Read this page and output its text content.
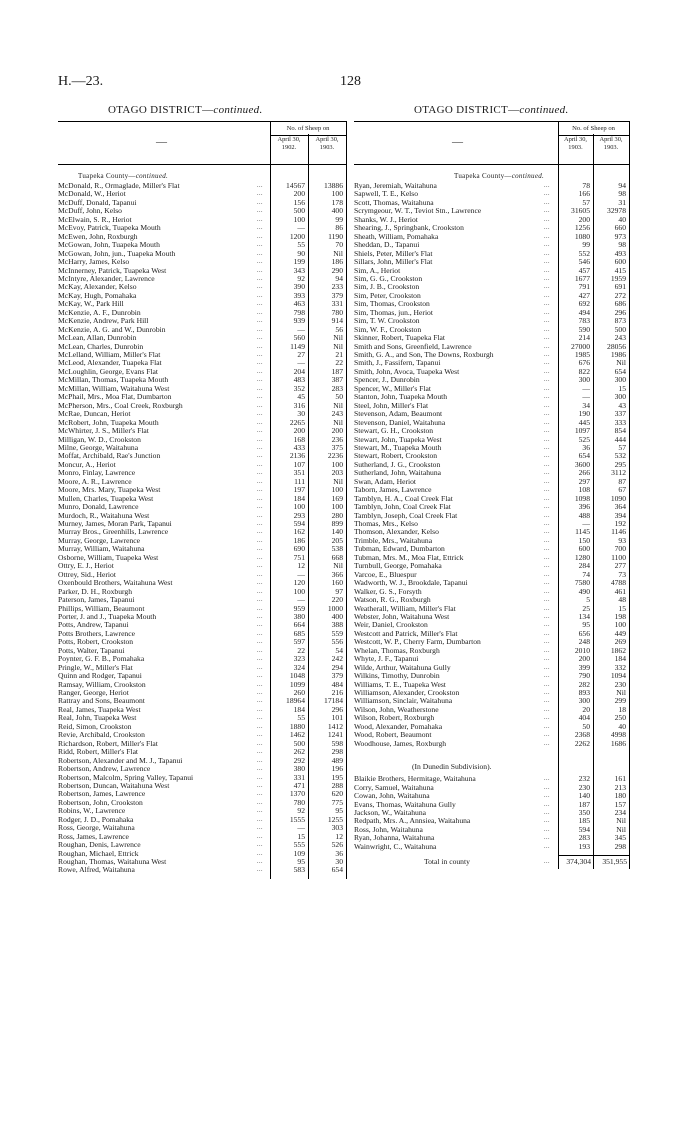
H.—23.	128
OTAGO DISTRICT—continued.
—
No. of Sheep on
April 30,
1902.
April 30,
1903.
Tuapeka County—continued.
McDonald, R., Ormaglade, Miller's Flat	...	14567	13886
McDonald, W., Heriot	...	200	100
McDuff, Donald, Tapanui	...	156	178
McDuff, John, Kelso	...	500	400
McElwain, S. R., Heriot	...	100	99
McEvoy, Patrick, Tuapeka Mouth	...	—	86
McEwen, John, Roxburgh	...	1200	1190
McGowan, John, Tuapeka Mouth	...	55	70
McGowan, John, jun., Tuapeka Mouth	...	90	Nil
McHarry, James, Kelso	...	199	186
McInnerney, Patrick, Tuapeka West	...	343	290
McIntyre, Alexander, Lawrence	...	92	94
McKay, Alexander, Kelso	...	390	233
McKay, Hugh, Pomahaka	...	393	379
McKay, W., Park Hill	...	463	331
McKenzie, A. F., Dunrobin	...	798	780
McKenzie, Andrew, Park Hill	...	939	914
McKenzie, A. G. and W., Dunrobin	...	—	56
McLean, Allan, Dunrobin	...	560	Nil
McLean, Charles, Dunrobin	...	1149	Nil
McLelland, William, Miller's Flat	...	27	21
McLeod, Alexander, Tuapeka Flat	...	—	22
McLoughlin, George, Evans Flat	...	204	187
McMillan, Thomas, Tuapeka Mouth	...	483	387
McMillan, William, Waitahuna West	...	352	283
McPhail, Mrs., Moa Flat, Dumbarton	...	45	50
McPherson, Mrs., Coal Creek, Roxburgh	...	316	Nil
McRae, Duncan, Heriot	...	30	243
McRobert, John, Tuapeka Mouth	...	2265	Nil
McWhirter, J. S., Miller's Flat	...	200	200
Milligan, W. D., Crookston	...	168	236
Milne, George, Waitahuna	...	433	375
Moffat, Archibald, Rae's Junction	...	2136	2236
Moncur, A., Heriot	...	107	100
Monro, Finlay, Lawrence	...	351	203
Moore, A. R., Lawrence	...	111	Nil
Moore, Mrs. Mary, Tuapeka West	...	197	100
Mullen, Charles, Tuapeka West	...	184	169
Munro, Donald, Lawrence	...	100	100
Murdoch, R., Waitahuna West	...	293	280
Murney, James, Moran Park, Tapanui	...	594	899
Murray Bros., Greenhills, Lawrence	...	162	140
Murray, George, Lawrence	...	186	205
Murray, William, Waitahuna	...	690	538
Osborne, William, Tuapeka West	...	751	668
Ottry, E. J., Heriot	...	12	Nil
Ottrey, Sid., Heriot	...	—	366
Oxenbould Brothers, Waitahuna West	...	120	160
Parker, D. H., Roxburgh	...	100	97
Paterson, James, Tapanui	...	—	220
Phillips, William, Beaumont	...	959	1000
Porter, J. and J., Tuapeka Mouth	...	380	400
Potts, Andrew, Tapanui	...	664	388
Potts Brothers, Lawrence	...	685	559
Potts, Robert, Crookston	...	597	556
Potts, Walter, Tapanui	...	22	54
Poynter, G. F. B., Pomahaka	...	323	242
Pringle, W., Miller's Flat	...	324	294
Quinn and Rodger, Tapanui	...	1048	379
Ramsay, William, Crookston	...	1099	484
Ranger, George, Heriot	...	260	216
Rattray and Sons, Beaumont	...	18964	17184
Real, James, Tuapeka West	...	184	296
Real, John, Tuapeka West	...	55	101
Reid, Simon, Crookston	...	1880	1412
Revie, Archibald, Crookston	...	1462	1241
Richardson, Robert, Miller's Flat	...	500	598
Ridd, Robert, Miller's Flat	...	262	298
Robertson, Alexander and M. J., Tapanui	...	292	489
Robertson, Andrew, Lawrence	...	380	196
Robertson, Malcolm, Spring Valley, Tapanui	...	331	195
Robertson, Duncan, Waitahuna West	...	471	288
Robertson, James, Lawrence	...	1370	620
Robertson, John, Crookston	...	780	775
Robins, W., Lawrence	...	92	95
Rodger, J. D., Pomahaka	...	1555	1255
Ross, George, Waitahuna	...	—	303
Ross, James, Lawrence	...	15	12
Roughan, Denis, Lawrence	...	555	526
Roughan, Michael, Ettrick	...	109	36
Roughan, Thomas, Waitahuna West	...	95	30
Rowe, Alfred, Waitahuna	...	583	654
OTAGO DISTRICT—continued.
—
No. of Sheep on
April 30,
1903.
April 30,
1903.
Tuapeka County—continued.
Ryan, Jeremiah, Waitahuna	...	78	94
Sapwell, T. E., Kelso	...	166	98
Scott, Thomas, Waitahuna	...	57	31
Scrymgeour, W. T., Teviot Stn., Lawrence	...	31605	32978
Shanks, W. J., Heriot	...	200	40
Shearing, J., Springbank, Crookston	...	1256	660
Sheath, William, Pomahaka	...	1080	973
Sheddan, D., Tapanui	...	99	98
Shiels, Peter, Miller's Flat	...	552	493
Sillars, John, Miller's Flat	...	546	600
Sim, A., Heriot	...	457	415
Sim, G. G., Crookston	...	1677	1959
Sim, J. B., Crookston	...	791	691
Sim, Peter, Crookston	...	427	272
Sim, Thomas, Crookston	...	692	686
Sim, Thomas, jun., Heriot	...	494	296
Sim, T. W. Crookston	...	783	873
Sim, W. F., Crookston	...	590	500
Skinner, Robert, Tuapeka Flat	...	214	243
Smith and Sons, Greenfield, Lawrence	...	27000	28056
Smith, G. A., and Son, The Downs, Roxburgh	...	1985	1986
Smith, J., Fassifern, Tapanui	...	676	Nil
Smith, John, Avoca, Tuapeka West	...	822	654
Spencer, J., Dunrobin	...	300	300
Spencer, W., Miller's Flat	...	—	15
Stanton, John, Tuapeka Mouth	...	—	300
Steel, John, Miller's Flat	...	34	43
Stevenson, Adam, Beaumont	...	190	337
Stevenson, Daniel, Waitahuna	...	445	333
Stewart, G. H., Crookston	...	1097	854
Stewart, John, Tuapeka West	...	525	444
Stewart, M., Tuapeka Mouth	...	36	57
Stewart, Robert, Crookston	...	654	532
Sutherland, J. G., Crookston	...	3600	295
Sutherland, John, Waitahuna	...	266	3112
Swan, Adam, Heriot	...	297	87
Taborn, James, Lawrence	...	108	67
Tamblyn, H. A., Coal Creek Flat	...	1098	1090
Tamblyn, John, Coal Creek Flat	...	396	364
Tamblyn, Joseph, Coal Creek Flat	...	488	394
Thomas, Mrs., Kelso	...	—	192
Thomson, Alexander, Kelso	...	1145	1146
Trimble, Mrs., Waitahuna	...	150	93
Tubman, Edward, Dumbarton	...	600	700
Tubman, Mrs. M., Moa Flat, Ettrick	...	1280	1100
Turnbull, George, Pomahaka	...	284	277
Varcoe, E., Bluespur	...	74	73
Wadworth, W. J., Brookdale, Tapanui	...	7580	4788
Walker, G. S., Forsyth	...	490	461
Watson, R. G., Roxburgh	...	5	48
Weatherall, William, Miller's Flat	...	25	15
Webster, John, Waitahuna West	...	134	198
Weir, Daniel, Crookston	...	95	100
Westcott and Patrick, Miller's Flat	...	656	449
Westcott, W. P., Cherry Farm, Dumbarton	...	248	269
Whelan, Thomas, Roxburgh	...	2010	1862
Whyte, J. F., Tapanui	...	200	184
Wilde, Arthur, Waitahuna Gully	...	399	332
Wilkins, Timothy, Dunrobin	...	790	1094
Williams, T. E., Tuapeka West	...	282	230
Williamson, Alexander, Crookston	...	893	Nil
Williamson, Sinclair, Waitahuna	...	300	299
Wilson, John, Weatherstone	...	20	18
Wilson, Robert, Roxburgh	...	404	250
Wood, Alexander, Pomahaka	...	50	40
Wood, Robert, Beaumont	...	2368	4998
Woodhouse, James, Roxburgh	...	2262	1686
(In Dunedin Subdivision).
Blaikie Brothers, Hermitage, Waitahuna	...	232	161
Corry, Samuel, Waitahuna	...	230	213
Cowan, John, Waitahuna	...	140	180
Evans, Thomas, Waitahuna Gully	...	187	157
Jackson, W., Waitahuna	...	350	234
Redpath, Mrs. A., Annsiea, Waitahuna	...	185	Nil
Ross, John, Waitahuna	...	594	Nil
Ryan, Johanna, Waitahuna	...	283	345
Wainwright, C., Waitahuna	...	193	298
Total in county	...	374,304	351,955
